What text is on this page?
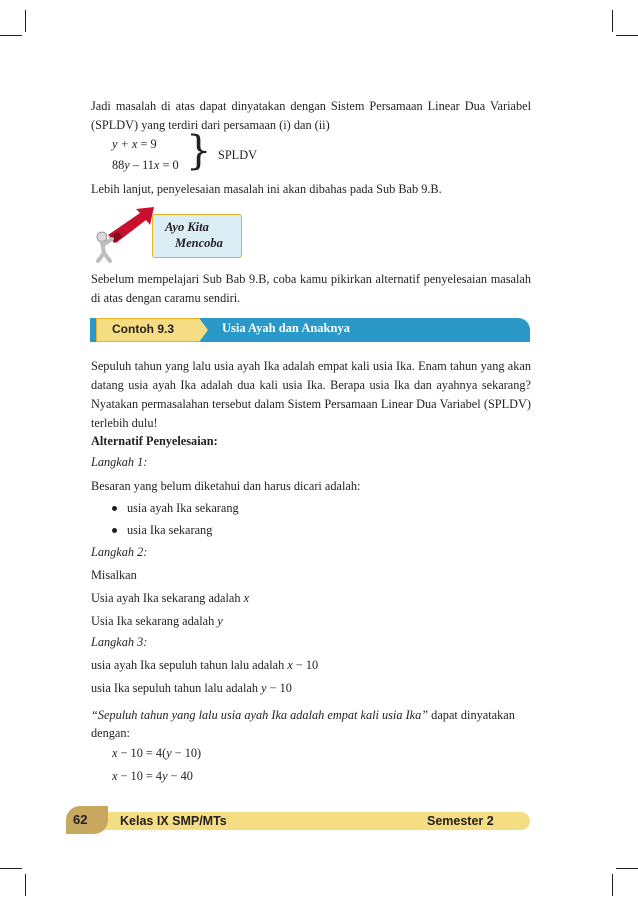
Jadi masalah di atas dapat dinyatakan dengan Sistem Persamaan Linear Dua Variabel (SPLDV) yang terdiri dari persamaan (i) dan (ii)

y + x = 9
88y – 11x = 0 } SPLDV

Lebih lanjut, penyelesaian masalah ini akan dibahas pada Sub Bab 9.B.

Ayo Kita
Mencoba

Sebelum mempelajari Sub Bab 9.B, coba kamu pikirkan alternatif penyelesaian masalah di atas dengan caramu sendiri.

Contoh 9.3	Usia Ayah dan Anaknya

Sepuluh tahun yang lalu usia ayah Ika adalah empat kali usia Ika. Enam tahun yang akan datang usia ayah Ika adalah dua kali usia Ika. Berapa usia Ika dan ayahnya sekarang? Nyatakan permasalahan tersebut dalam Sistem Persamaan Linear Dua Variabel (SPLDV) terlebih dulu!

Alternatif Penyelesaian:
Langkah 1:
Besaran yang belum diketahui dan harus dicari adalah:
usia ayah Ika sekarang
usia Ika sekarang
Langkah 2:
Misalkan
Usia ayah Ika sekarang adalah x
Usia Ika sekarang adalah y
Langkah 3:
usia ayah Ika sepuluh tahun lalu adalah x − 10
usia Ika sepuluh tahun lalu adalah y − 10
“Sepuluh tahun yang lalu usia ayah Ika adalah empat kali usia Ika” dapat dinyatakan
dengan:
x − 10 = 4(y − 10)
x − 10 = 4y − 40
62	Kelas IX SMP/MTs	Semester 2
